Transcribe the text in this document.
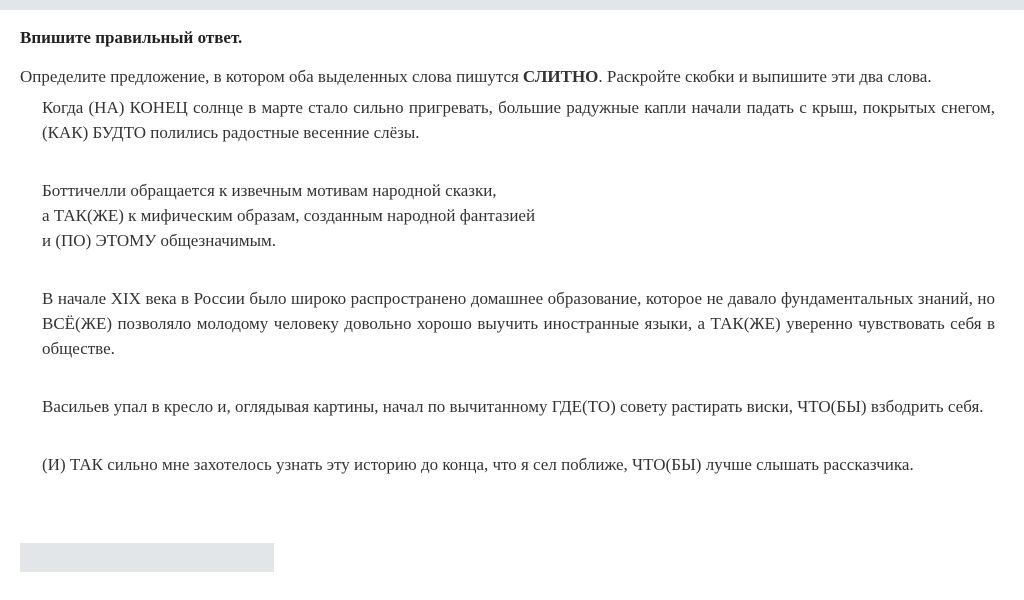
Впишите правильный ответ.
Определите предложение, в котором оба выделенных слова пишутся СЛИТНО. Раскройте скобки и выпишите эти два слова.

Когда (НА) КОНЕЦ солнце в марте стало сильно пригревать, большие радужные капли начали падать с крыш, покрытых снегом, (КАК) БУДТО полились радостные весенние слёзы.

Боттичелли обращается к извечным мотивам народной сказки,
а ТАК(ЖЕ) к мифическим образам, созданным народной фантазией
и (ПО) ЭТОМУ общезначимым.

В начале XIX века в России было широко распространено домашнее образование, которое не давало фундаментальных знаний, но ВСЁ(ЖЕ) позволяло молодому человеку довольно хорошо выучить иностранные языки, а ТАК(ЖЕ) уверенно чувствовать себя в обществе.

Васильев упал в кресло и, оглядывая картины, начал по вычитанному ГДЕ(ТО) совету растирать виски, ЧТО(БЫ) взбодрить себя.

(И) ТАК сильно мне захотелось узнать эту историю до конца, что я сел поближе, ЧТО(БЫ) лучше слышать рассказчика.
